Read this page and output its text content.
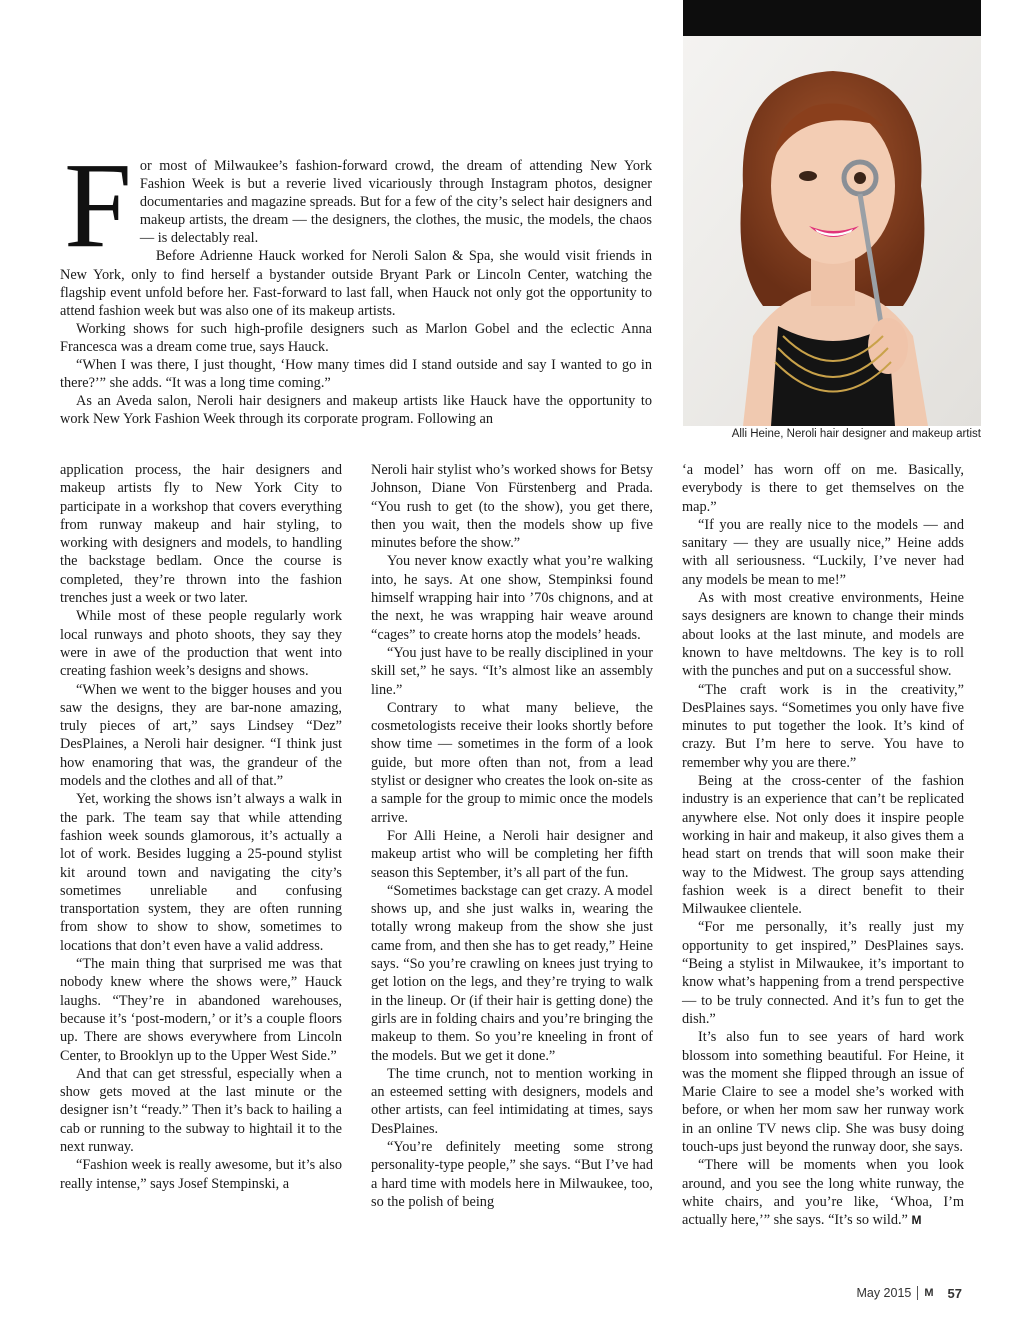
Alli Heine, Neroli hair designer and makeup artist
F or most of Milwaukee’s fashion-forward crowd, the dream of attending New York Fashion Week is but a reverie lived vicariously through Instagram photos, designer documentaries and magazine spreads. But for a few of the city’s select hair designers and makeup artists, the dream — the designers, the clothes, the music, the models, the chaos — is delectably real.

Before Adrienne Hauck worked for Neroli Salon & Spa, she would visit friends in New York, only to find herself a bystander outside Bryant Park or Lincoln Center, watching the flagship event unfold before her. Fast-forward to last fall, when Hauck not only got the opportunity to attend fashion week but was also one of its makeup artists.

Working shows for such high-profile designers such as Marlon Gobel and the eclectic Anna Francesca was a dream come true, says Hauck.

“When I was there, I just thought, ‘How many times did I stand outside and say I wanted to go in there?’” she adds. “It was a long time coming.”

As an Aveda salon, Neroli hair designers and makeup artists like Hauck have the opportunity to work New York Fashion Week through its corporate program. Following an

application process, the hair designers and makeup artists fly to New York City to participate in a workshop that covers everything from runway makeup and hair styling, to working with designers and models, to handling the backstage bedlam. Once the course is completed, they’re thrown into the fashion trenches just a week or two later.

While most of these people regularly work local runways and photo shoots, they say they were in awe of the production that went into creating fashion week’s designs and shows.

“When we went to the bigger houses and you saw the designs, they are bar-none amazing, truly pieces of art,” says Lindsey “Dez” DesPlaines, a Neroli hair designer. “I think just how enamoring that was, the grandeur of the models and the clothes and all of that.”

Yet, working the shows isn’t always a walk in the park. The team say that while attending fashion week sounds glamorous, it’s actually a lot of work. Besides lugging a 25-pound stylist kit around town and navigating the city’s sometimes unreliable and confusing transportation system, they are often running from show to show to show, sometimes to locations that don’t even have a valid address.

“The main thing that surprised me was that nobody knew where the shows were,” Hauck laughs. “They’re in abandoned warehouses, because it’s ‘post-modern,’ or it’s a couple floors up. There are shows everywhere from Lincoln Center, to Brooklyn up to the Upper West Side.”

And that can get stressful, especially when a show gets moved at the last minute or the designer isn’t “ready.” Then it’s back to hailing a cab or running to the subway to hightail it to the next runway.

“Fashion week is really awesome, but it’s also really intense,” says Josef Stempinski, a

Neroli hair stylist who’s worked shows for Betsy Johnson, Diane Von Fürstenberg and Prada. “You rush to get (to the show), you get there, then you wait, then the models show up five minutes before the show.”

You never know exactly what you’re walking into, he says. At one show, Stempinksi found himself wrapping hair into ’70s chignons, and at the next, he was wrapping hair weave around “cages” to create horns atop the models’ heads.

“You just have to be really disciplined in your skill set,” he says. “It’s almost like an assembly line.”

Contrary to what many believe, the cosmetologists receive their looks shortly before show time — sometimes in the form of a look guide, but more often than not, from a lead stylist or designer who creates the look on-site as a sample for the group to mimic once the models arrive.

For Alli Heine, a Neroli hair designer and makeup artist who will be completing her fifth season this September, it’s all part of the fun.

“Sometimes backstage can get crazy. A model shows up, and she just walks in, wearing the totally wrong makeup from the show she just came from, and then she has to get ready,” Heine says. “So you’re crawling on knees just trying to get lotion on the legs, and they’re trying to walk in the lineup. Or (if their hair is getting done) the girls are in folding chairs and you’re bringing the makeup to them. So you’re kneeling in front of the models. But we get it done.”

The time crunch, not to mention working in an esteemed setting with designers, models and other artists, can feel intimidating at times, says DesPlaines.

“You’re definitely meeting some strong personality-type people,” she says. “But I’ve had a hard time with models here in Milwaukee, too, so the polish of being

‘a model’ has worn off on me. Basically, everybody is there to get themselves on the map.”

“If you are really nice to the models — and sanitary — they are usually nice,” Heine adds with all seriousness. “Luckily, I’ve never had any models be mean to me!”

As with most creative environments, Heine says designers are known to change their minds about looks at the last minute, and models are known to have meltdowns. The key is to roll with the punches and put on a successful show.

“The craft work is in the creativity,” DesPlaines says. “Sometimes you only have five minutes to put together the look. It’s kind of crazy. But I’m here to serve. You have to remember why you are there.”

Being at the cross-center of the fashion industry is an experience that can’t be replicated anywhere else. Not only does it inspire people working in hair and makeup, it also gives them a head start on trends that will soon make their way to the Midwest. The group says attending fashion week is a direct benefit to their Milwaukee clientele.

“For me personally, it’s really just my opportunity to get inspired,” DesPlaines says. “Being a stylist in Milwaukee, it’s important to know what’s happening from a trend perspective — to be truly connected. And it’s fun to get the dish.”

It’s also fun to see years of hard work blossom into something beautiful. For Heine, it was the moment she flipped through an issue of Marie Claire to see a model she’s worked with before, or when her mom saw her runway work in an online TV news clip. She was busy doing touch-ups just beyond the runway door, she says.

“There will be moments when you look around, and you see the long white runway, the white chairs, and you’re like, ‘Whoa, I’m actually here,’” she says. “It’s so wild.” M

May 2015 M 57
